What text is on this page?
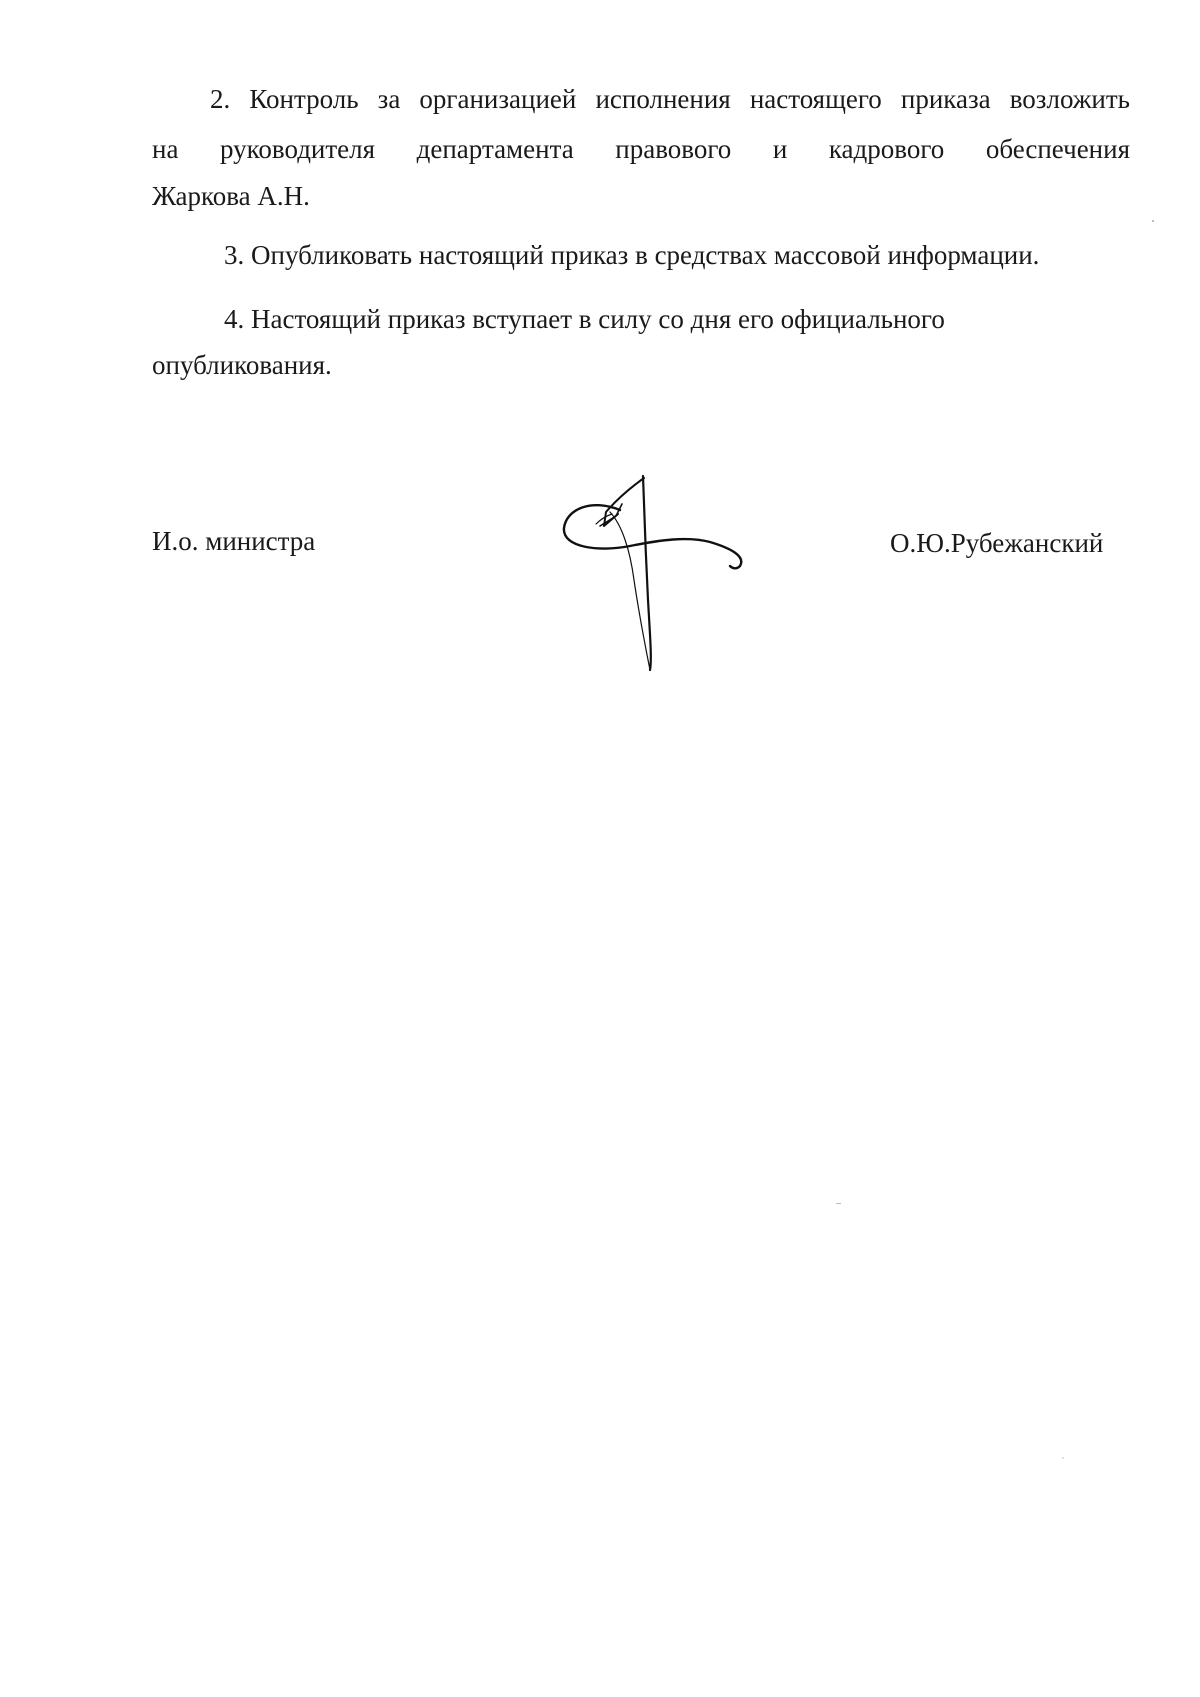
2. Контроль за организацией исполнения настоящего приказа возложить
на руководителя департамента правового и кадрового обеспечения
Жаркова А.Н.
3. Опубликовать настоящий приказ в средствах массовой информации.
4. Настоящий приказ вступает в силу со дня его официального
опубликования.
И.о. министра	О.Ю.Рубежанский
